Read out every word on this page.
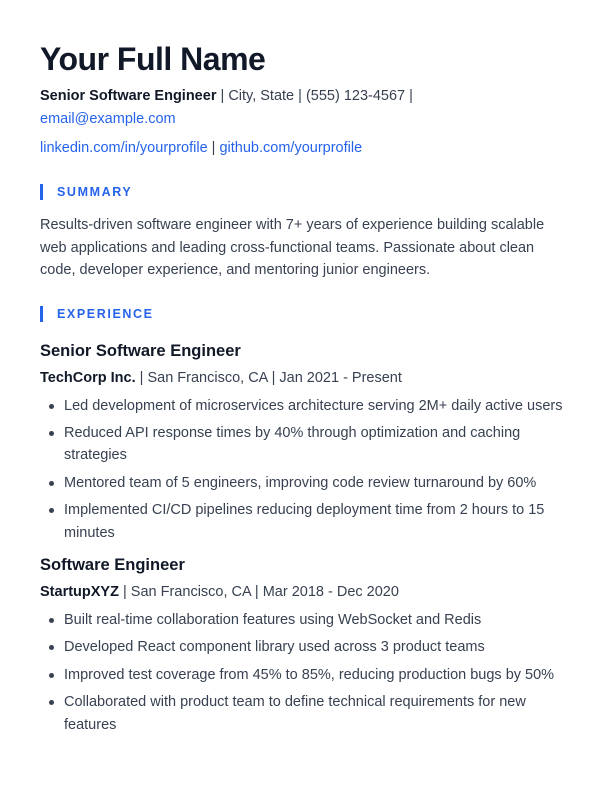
Your Full Name
Senior Software Engineer | City, State | (555) 123-4567 |
email@example.com
linkedin.com/in/yourprofile | github.com/yourprofile
SUMMARY

Results-driven software engineer with 7+ years of experience building scalable web applications and leading cross-functional teams. Passionate about clean code, developer experience, and mentoring junior engineers.

EXPERIENCE
Senior Software Engineer
TechCorp Inc. | San Francisco, CA | Jan 2021 - Present
Led development of microservices architecture serving 2M+ daily active users
Reduced API response times by 40% through optimization and caching strategies
Mentored team of 5 engineers, improving code review turnaround by 60%
Implemented CI/CD pipelines reducing deployment time from 2 hours to 15 minutes
Software Engineer
StartupXYZ | San Francisco, CA | Mar 2018 - Dec 2020
Built real-time collaboration features using WebSocket and Redis
Developed React component library used across 3 product teams
Improved test coverage from 45% to 85%, reducing production bugs by 50%
Collaborated with product team to define technical requirements for new features
